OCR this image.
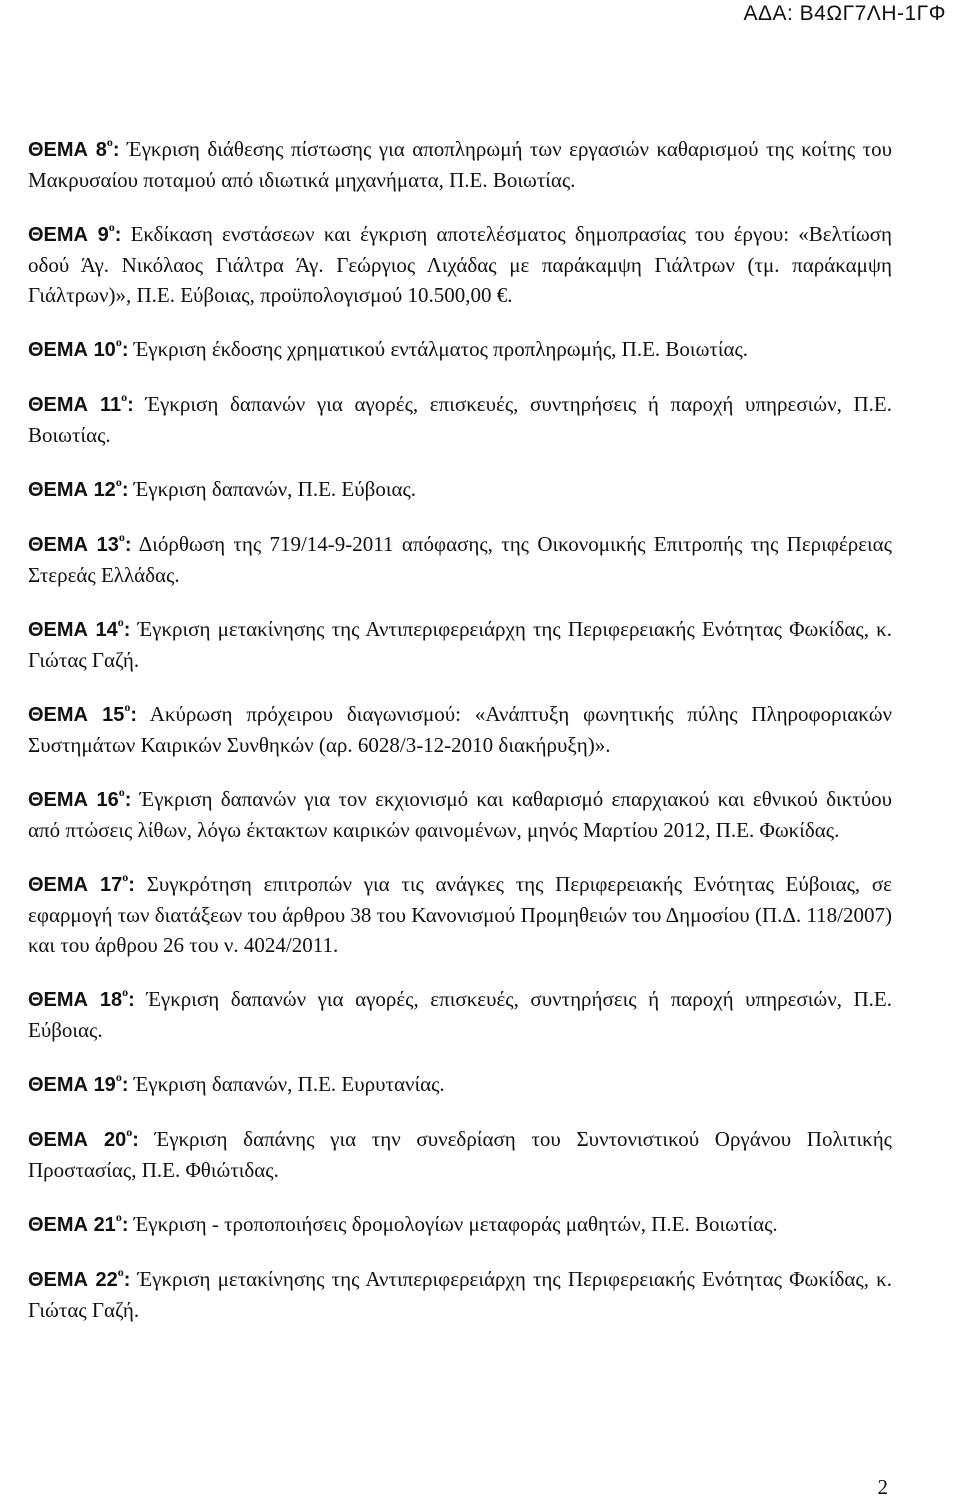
ΑΔΑ: Β4ΩΓ7ΛΗ-1ΓΦ

ΘΕΜΑ $8^o$: Έγκριση διάθεσης πίστωσης για αποπληρωμή των εργασιών καθαρισμού της κοίτης του Μακρυσαίου ποταμού από ιδιωτικά μηχανήματα, Π.Ε. Βοιωτίας.

ΘΕΜΑ $9^o$: Εκδίκαση ενστάσεων και έγκριση αποτελέσματος δημοπρασίας του έργου: «Βελτίωση οδού Άγ. Νικόλαος Γιάλτρα Άγ. Γεώργιος Λιχάδας με παράκαμψη Γιάλτρων (τμ. παράκαμψη Γιάλτρων)», Π.Ε. Εύβοιας, προϋπολογισμού 10.500,00 €.

ΘΕΜΑ $10^o$: Έγκριση έκδοσης χρηματικού εντάλματος προπληρωμής, Π.Ε. Βοιωτίας.

ΘΕΜΑ $11^o$: Έγκριση δαπανών για αγορές, επισκευές, συντηρήσεις ή παροχή υπηρεσιών, Π.Ε. Βοιωτίας.

ΘΕΜΑ $12^o$: Έγκριση δαπανών, Π.Ε. Εύβοιας.

ΘΕΜΑ $13^o$: Διόρθωση της 719/14-9-2011 απόφασης, της Οικονομικής Επιτροπής της Περιφέρειας Στερεάς Ελλάδας.

ΘΕΜΑ $14^o$: Έγκριση μετακίνησης της Αντιπεριφερειάρχη της Περιφερειακής Ενότητας Φωκίδας, κ. Γιώτας Γαζή.

ΘΕΜΑ $15^o$: Ακύρωση πρόχειρου διαγωνισμού: «Ανάπτυξη φωνητικής πύλης Πληροφοριακών Συστημάτων Καιρικών Συνθηκών (αρ. 6028/3-12-2010 διακήρυξη)».

ΘΕΜΑ $16^o$: Έγκριση δαπανών για τον εκχιονισμό και καθαρισμό επαρχιακού και εθνικού δικτύου από πτώσεις λίθων, λόγω έκτακτων καιρικών φαινομένων, μηνός Μαρτίου 2012, Π.Ε. Φωκίδας.

ΘΕΜΑ $17^o$: Συγκρότηση επιτροπών για τις ανάγκες της Περιφερειακής Ενότητας Εύβοιας, σε εφαρμογή των διατάξεων του άρθρου 38 του Κανονισμού Προμηθειών του Δημοσίου (Π.Δ. 118/2007) και του άρθρου 26 του ν. 4024/2011.

ΘΕΜΑ $18^o$: Έγκριση δαπανών για αγορές, επισκευές, συντηρήσεις ή παροχή υπηρεσιών, Π.Ε. Εύβοιας.

ΘΕΜΑ $19^o$: Έγκριση δαπανών, Π.Ε. Ευρυτανίας.

ΘΕΜΑ $20^o$: Έγκριση δαπάνης για την συνεδρίαση του Συντονιστικού Οργάνου Πολιτικής Προστασίας, Π.Ε. Φθιώτιδας.

ΘΕΜΑ $21^o$: Έγκριση - τροποποιήσεις δρομολογίων μεταφοράς μαθητών, Π.Ε. Βοιωτίας.

ΘΕΜΑ $22^o$: Έγκριση μετακίνησης της Αντιπεριφερειάρχη της Περιφερειακής Ενότητας Φωκίδας, κ. Γιώτας Γαζή.

2
